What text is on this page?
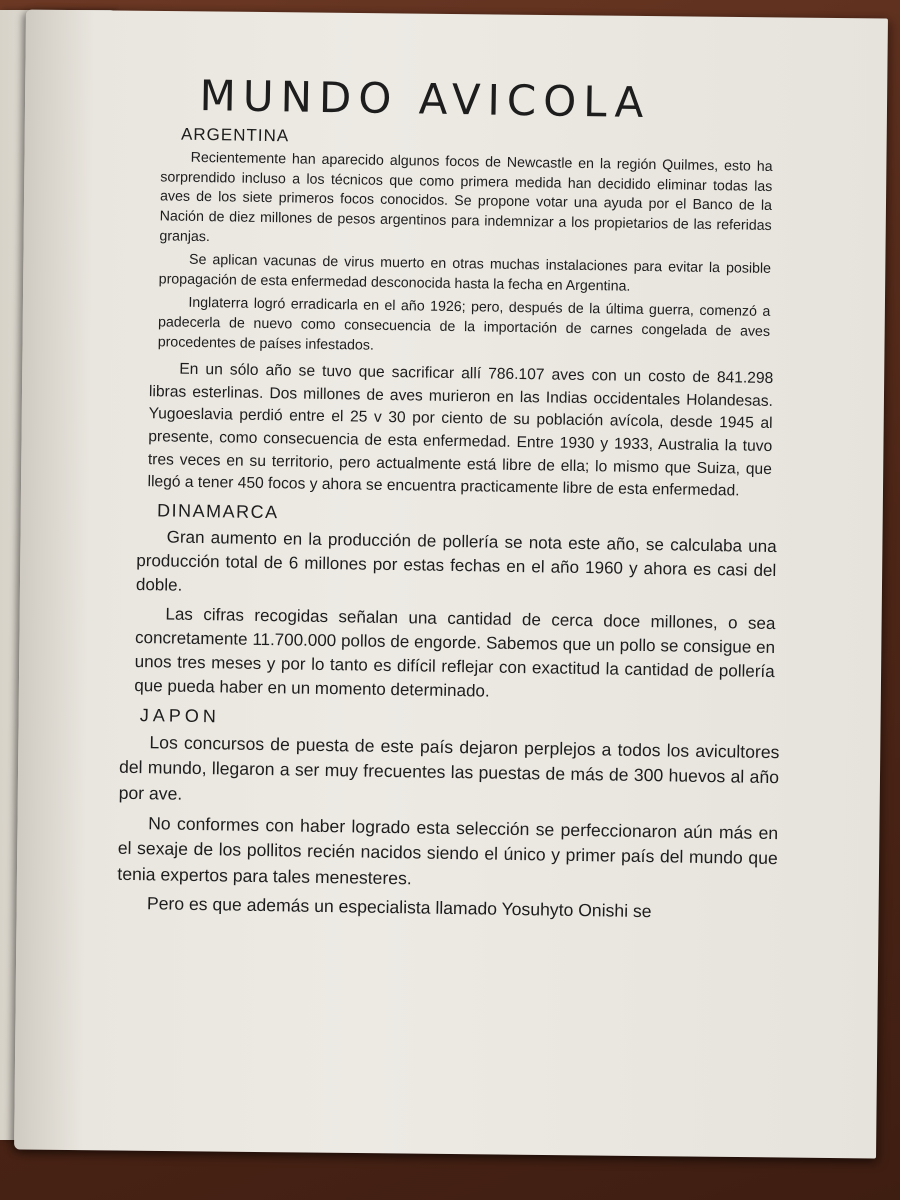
MUNDO AVICOLA
ARGENTINA

Recientemente han aparecido algunos focos de Newcastle en la región Quilmes, esto ha sorprendido incluso a los técnicos que como primera medida han decidido eliminar todas las aves de los siete primeros focos conocidos. Se propone votar una ayuda por el Banco de la Nación de diez millones de pesos argentinos para indemnizar a los propietarios de las referidas granjas.

Se aplican vacunas de virus muerto en otras muchas instalaciones para evitar la posible propagación de esta enfermedad desconocida hasta la fecha en Argentina.

Inglaterra logró erradicarla en el año 1926; pero, después de la última guerra, comenzó a padecerla de nuevo como consecuencia de la importación de carnes congelada de aves procedentes de países infestados.

En un sólo año se tuvo que sacrificar allí 786.107 aves con un costo de 841.298 libras esterlinas. Dos millones de aves murieron en las Indias occidentales Holandesas. Yugoeslavia perdió entre el 25 v 30 por ciento de su población avícola, desde 1945 al presente, como consecuencia de esta enfermedad. Entre 1930 y 1933, Australia la tuvo tres veces en su territorio, pero actualmente está libre de ella; lo mismo que Suiza, que llegó a tener 450 focos y ahora se encuentra practicamente libre de esta enfermedad.

DINAMARCA

Gran aumento en la producción de pollería se nota este año, se calculaba una producción total de 6 millones por estas fechas en el año 1960 y ahora es casi del doble.

Las cifras recogidas señalan una cantidad de cerca doce millones, o sea concretamente 11.700.000 pollos de engorde. Sabemos que un pollo se consigue en unos tres meses y por lo tanto es difícil reflejar con exactitud la cantidad de pollería que pueda haber en un momento determinado.

JAPON

Los concursos de puesta de este país dejaron perplejos a todos los avicultores del mundo, llegaron a ser muy frecuentes las puestas de más de 300 huevos al año por ave.

No conformes con haber logrado esta selección se perfeccionaron aún más en el sexaje de los pollitos recién nacidos siendo el único y primer país del mundo que tenia expertos para tales menesteres.

Pero es que además un especialista llamado Yosuhyto Onishi se
